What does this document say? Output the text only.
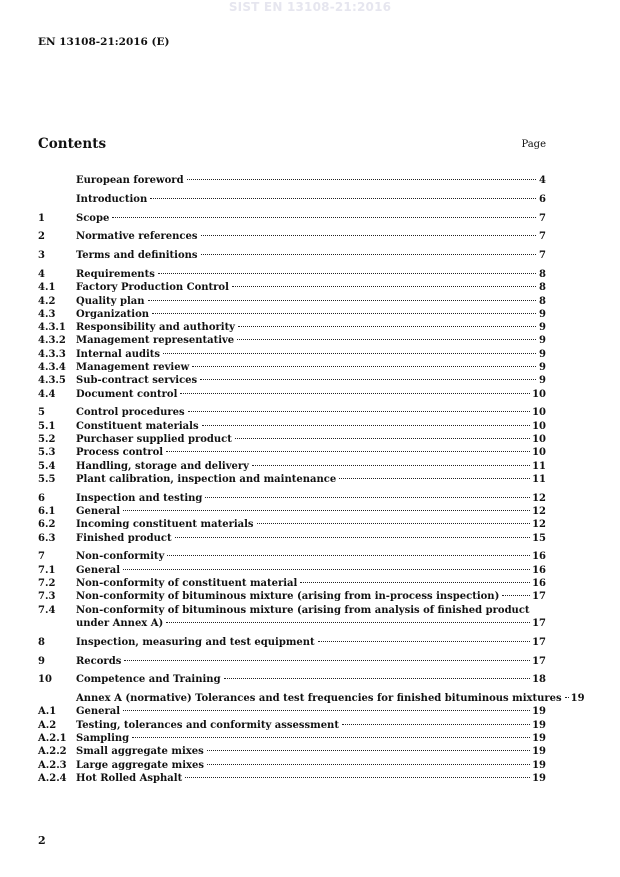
SIST EN 13108-21:2016
EN 13108-21:2016 (E)
Contents	Page
European foreword	4
Introduction	6
1	Scope	7
2	Normative references	7
3	Terms and definitions	7
4	Requirements	8
4.1	Factory Production Control	8
4.2	Quality plan	8
4.3	Organization	9
4.3.1	Responsibility and authority	9
4.3.2	Management representative	9
4.3.3	Internal audits	9
4.3.4	Management review	9
4.3.5	Sub-contract services	9
4.4	Document control	10
5	Control procedures	10
5.1	Constituent materials	10
5.2	Purchaser supplied product	10
5.3	Process control	10
5.4	Handling, storage and delivery	11
5.5	Plant calibration, inspection and maintenance	11
6	Inspection and testing	12
6.1	General	12
6.2	Incoming constituent materials	12
6.3	Finished product	15
7	Non-conformity	16
7.1	General	16
7.2	Non-conformity of constituent material	16
7.3	Non-conformity of bituminous mixture (arising from in-process inspection)	17
7.4	Non-conformity of bituminous mixture (arising from analysis of finished product
under Annex A)	17
8	Inspection, measuring and test equipment	17
9	Records	17
10	Competence and Training	18
Annex A (normative) Tolerances and test frequencies for finished bituminous mixtures 19
A.1	General	19
A.2	Testing, tolerances and conformity assessment	19
A.2.1 Sampling	19
A.2.2 Small aggregate mixes	19
A.2.3 Large aggregate mixes	19
A.2.4 Hot Rolled Asphalt	19
2
